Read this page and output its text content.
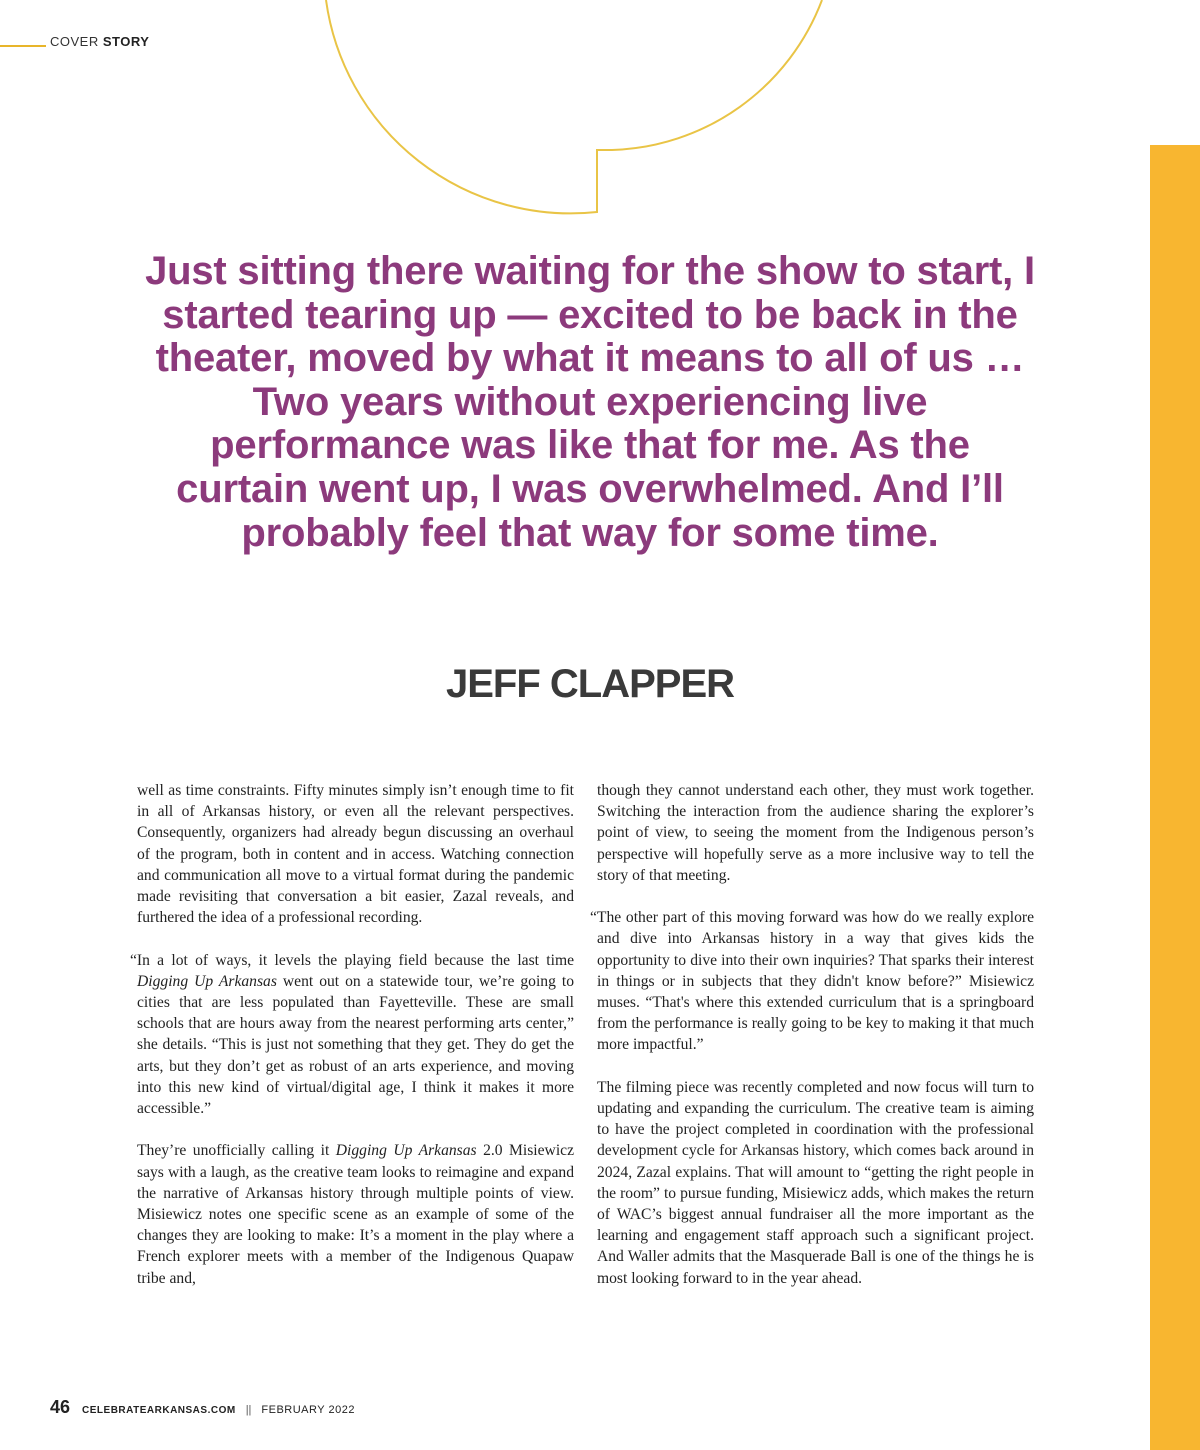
COVER STORY
Just sitting there waiting for the show to start, I started tearing up — excited to be back in the theater, moved by what it means to all of us … Two years without experiencing live performance was like that for me. As the curtain went up, I was overwhelmed. And I’ll probably feel that way for some time.
JEFF CLAPPER

well as time constraints. Fifty minutes simply isn’t enough time to fit in all of Arkansas history, or even all the relevant perspectives. Consequently, organizers had already begun discussing an overhaul of the program, both in content and in access. Watching connection and communication all move to a virtual format during the pandemic made revisiting that conversation a bit easier, Zazal reveals, and furthered the idea of a professional recording.

“In a lot of ways, it levels the playing field because the last time Digging Up Arkansas went out on a statewide tour, we’re going to cities that are less populated than Fayetteville. These are small schools that are hours away from the nearest performing arts center,” she details. “This is just not something that they get. They do get the arts, but they don’t get as robust of an arts experience, and moving into this new kind of virtual/digital age, I think it makes it more accessible.”

They’re unofficially calling it Digging Up Arkansas 2.0 Misiewicz says with a laugh, as the creative team looks to reimagine and expand the narrative of Arkansas history through multiple points of view. Misiewicz notes one specific scene as an example of some of the changes they are looking to make: It’s a moment in the play where a French explorer meets with a member of the Indigenous Quapaw tribe and,

though they cannot understand each other, they must work together. Switching the interaction from the audience sharing the explorer’s point of view, to seeing the moment from the Indigenous person’s perspective will hopefully serve as a more inclusive way to tell the story of that meeting.

“The other part of this moving forward was how do we really explore and dive into Arkansas history in a way that gives kids the opportunity to dive into their own inquiries? That sparks their interest in things or in subjects that they didn't know before?” Misiewicz muses. “That's where this extended curriculum that is a springboard from the performance is really going to be key to making it that much more impactful.”

The filming piece was recently completed and now focus will turn to updating and expanding the curriculum. The creative team is aiming to have the project completed in coordination with the professional development cycle for Arkansas history, which comes back around in 2024, Zazal explains. That will amount to “getting the right people in the room” to pursue funding, Misiewicz adds, which makes the return of WAC’s biggest annual fundraiser all the more important as the learning and engagement staff approach such a significant project. And Waller admits that the Masquerade Ball is one of the things he is most looking forward to in the year ahead.

46 CELEBRATEARKANSAS.COM || FEBRUARY 2022
